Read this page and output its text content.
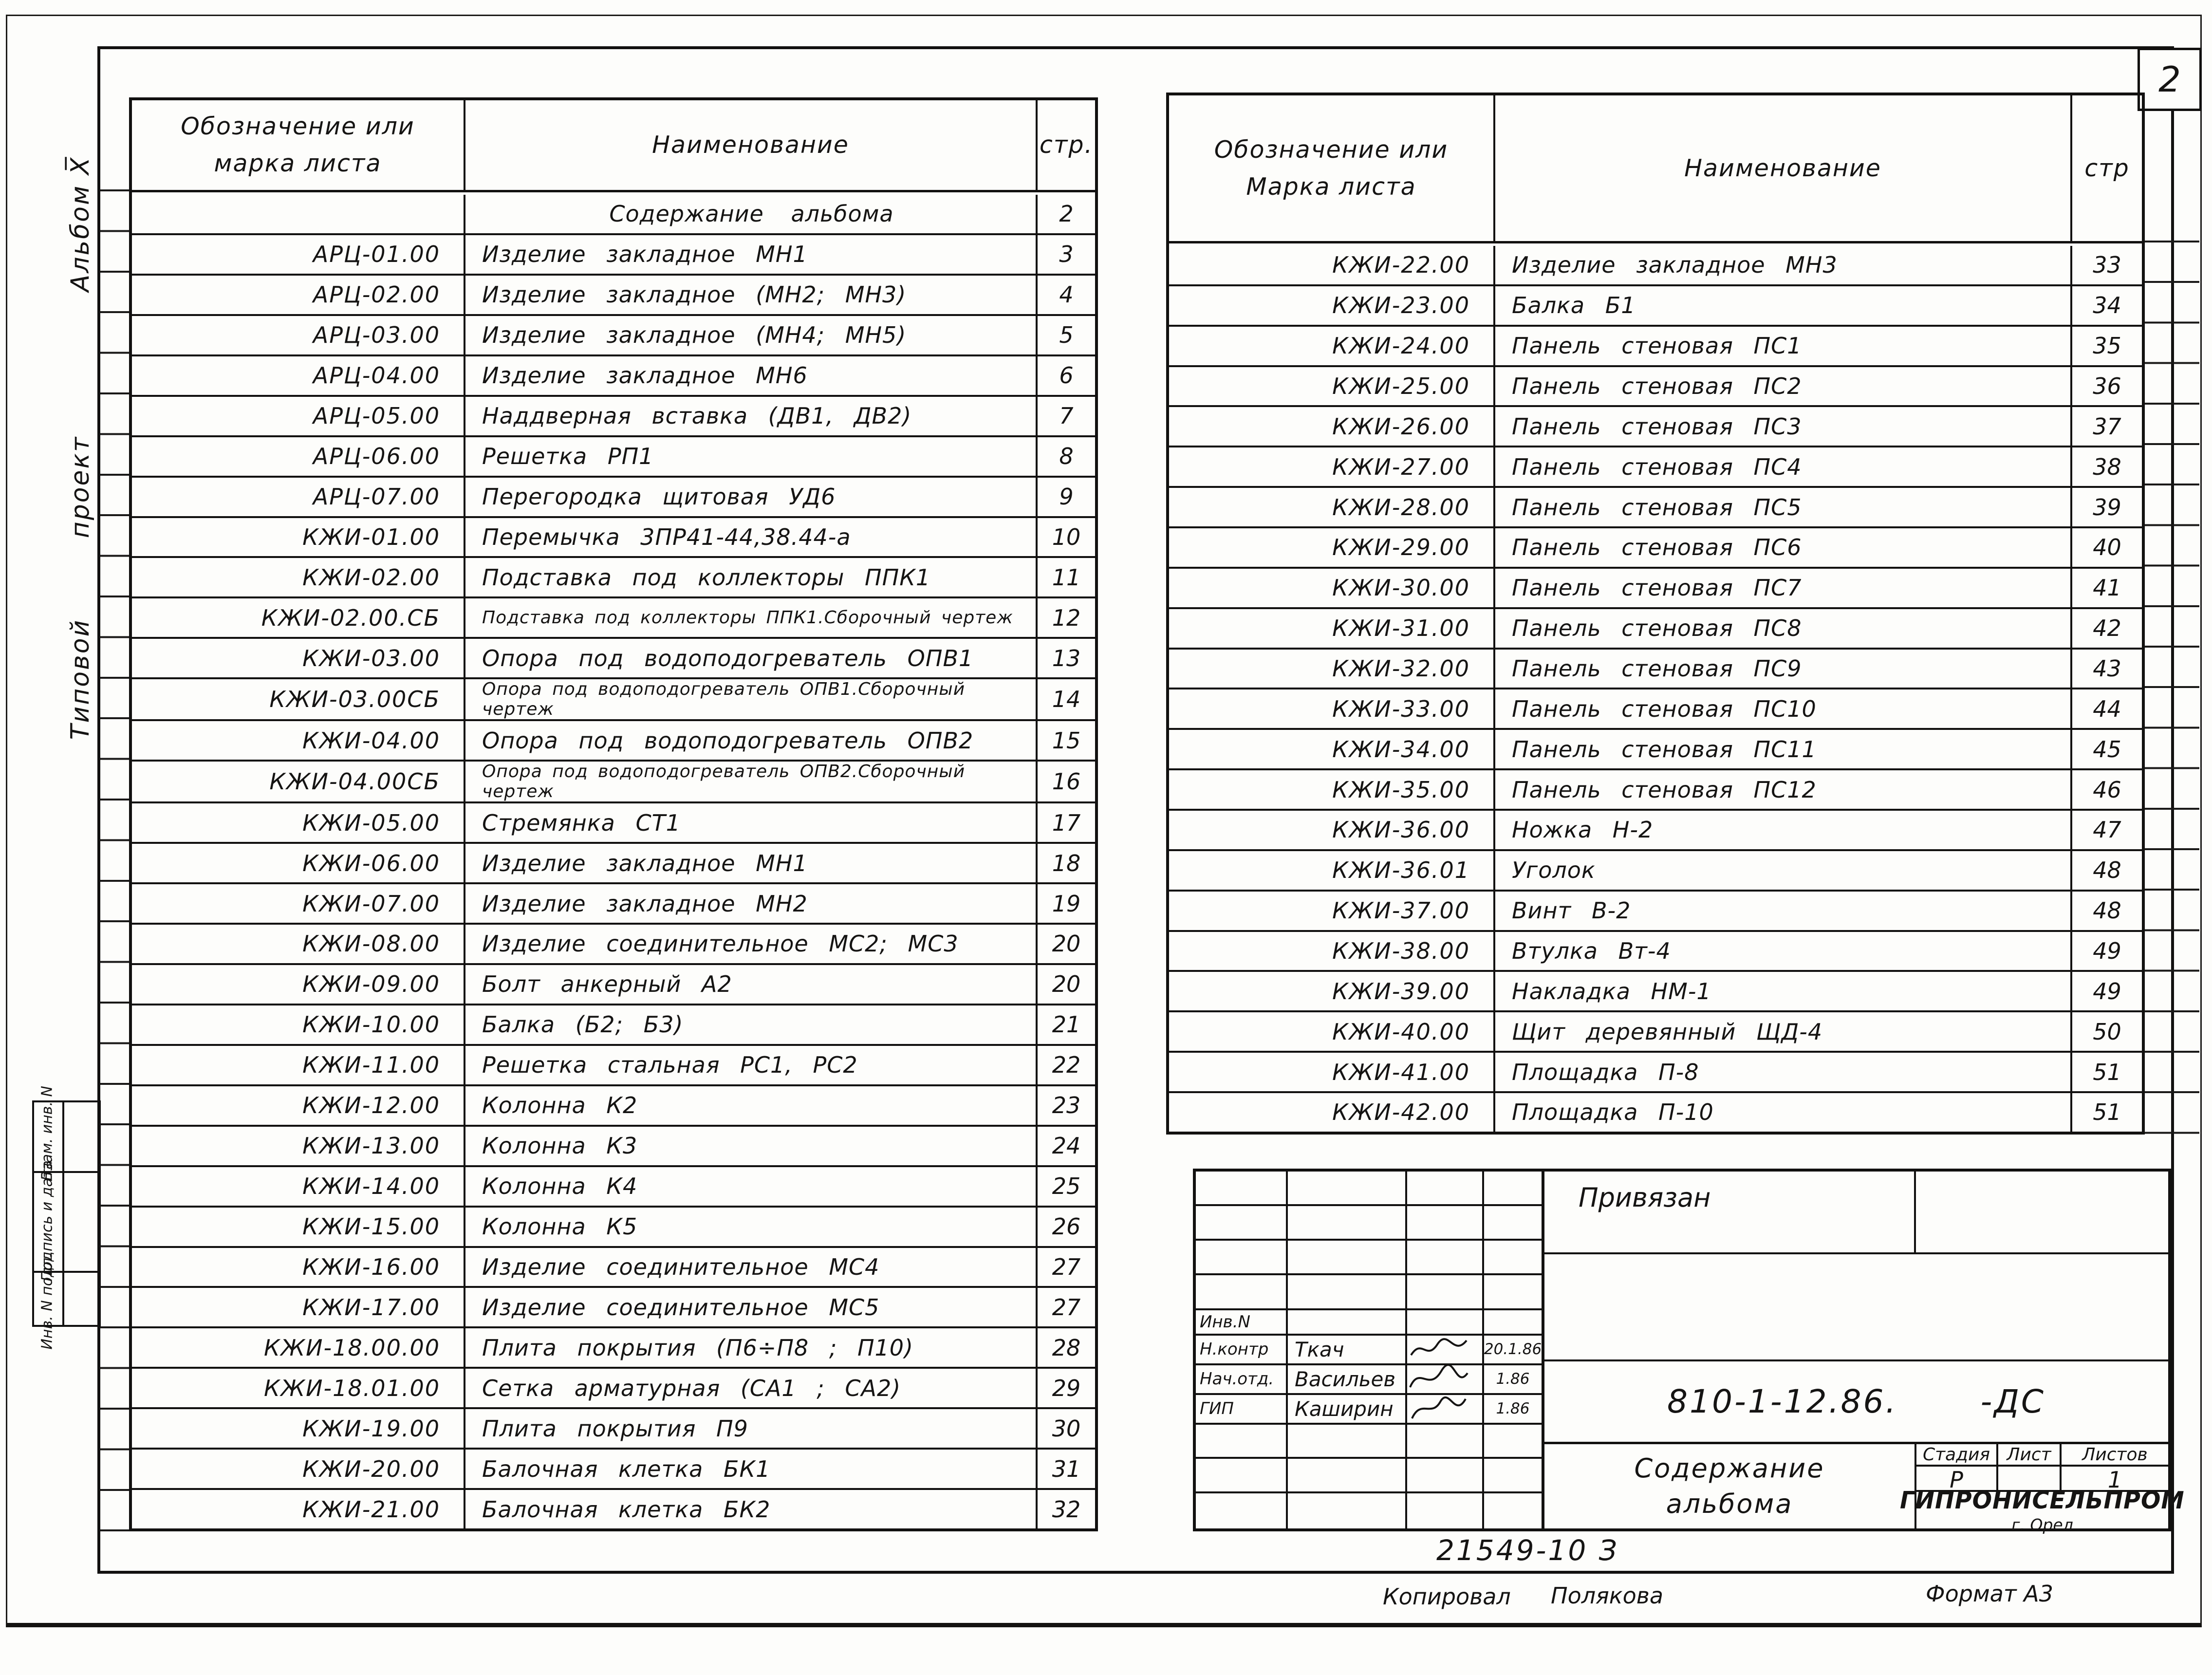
2
Альбом X̅
проект
Типовой
Взам. инв. N
Подпись и дата
Инв. N подл.
Обозначение или
марка листа
Наименование	стр.
Содержание альбома	2
АРЦ-01.00 Изделие закладное МН1	3
АРЦ-02.00 Изделие закладное (МН2; МН3)	4
АРЦ-03.00 Изделие закладное (МН4; МН5)	5
АРЦ-04.00 Изделие закладное МН6	6
АРЦ-05.00 Наддверная вставка (ДВ1, ДВ2)	7
АРЦ-06.00 Решетка РП1	8
АРЦ-07.00 Перегородка щитовая УД6	9
КЖИ-01.00 Перемычка 3ПР41-44,38.44-а	10
КЖИ-02.00 Подставка под коллекторы ППК1	11
КЖИ-02.00.СБ Подставка под коллекторы ППК1.Сборочный чертеж 12
КЖИ-03.00 Опора под водоподогреватель ОПВ1	13
КЖИ-03.00СБ Опора под водоподогреватель ОПВ1.Сборочный чертеж	14
КЖИ-04.00 Опора под водоподогреватель ОПВ2	15
КЖИ-04.00СБ Опора под водоподогреватель ОПВ2.Сборочный чертеж	16
КЖИ-05.00 Стремянка СТ1	17
КЖИ-06.00 Изделие закладное МН1	18
КЖИ-07.00 Изделие закладное МН2	19
КЖИ-08.00 Изделие соединительное МС2; МС3	20
КЖИ-09.00 Болт анкерный А2	20
КЖИ-10.00 Балка (Б2; Б3)	21
КЖИ-11.00 Решетка стальная РС1, РС2	22
КЖИ-12.00 Колонна К2	23
КЖИ-13.00 Колонна К3	24
КЖИ-14.00 Колонна К4	25
КЖИ-15.00 Колонна К5	26
КЖИ-16.00 Изделие соединительное МС4	27
КЖИ-17.00 Изделие соединительное МС5	27
КЖИ-18.00.00 Плита покрытия (П6÷П8 ; П10)	28
КЖИ-18.01.00 Сетка арматурная (СА1 ; СА2)	29
КЖИ-19.00 Плита покрытия П9	30
КЖИ-20.00 Балочная клетка БК1	31
КЖИ-21.00 Балочная клетка БК2	32
Обозначение или
Марка листа
Наименование	стр
КЖИ-22.00 Изделие закладное МН3	33
КЖИ-23.00 Балка Б1	34
КЖИ-24.00 Панель стеновая ПС1	35
КЖИ-25.00 Панель стеновая ПС2	36
КЖИ-26.00 Панель стеновая ПС3	37
КЖИ-27.00 Панель стеновая ПС4	38
КЖИ-28.00 Панель стеновая ПС5	39
КЖИ-29.00 Панель стеновая ПС6	40
КЖИ-30.00 Панель стеновая ПС7	41
КЖИ-31.00 Панель стеновая ПС8	42
КЖИ-32.00 Панель стеновая ПС9	43
КЖИ-33.00 Панель стеновая ПС10	44
КЖИ-34.00 Панель стеновая ПС11	45
КЖИ-35.00 Панель стеновая ПС12	46
КЖИ-36.00 Ножка Н-2	47
КЖИ-36.01 Уголок	48
КЖИ-37.00 Винт В-2	48
КЖИ-38.00 Втулка Вт-4	49
КЖИ-39.00 Накладка НМ-1	49
КЖИ-40.00 Щит деревянный ЩД-4	50
КЖИ-41.00 Площадка П-8	51
КЖИ-42.00 Площадка П-10	51
Инв.N
Н.контр	Ткач	20.1.86
Нач.отд.	Васильев	1.86
ГИП	Каширин	1.86
Привязан
810-1-12.86.	-ДС
Содержание
альбома
Стадия Лист	Листов
Р	1
ГИПРОНИСЕЛЬПРОМ
г. Орел
21549-10 З
Копировал Полякова	Формат А3
